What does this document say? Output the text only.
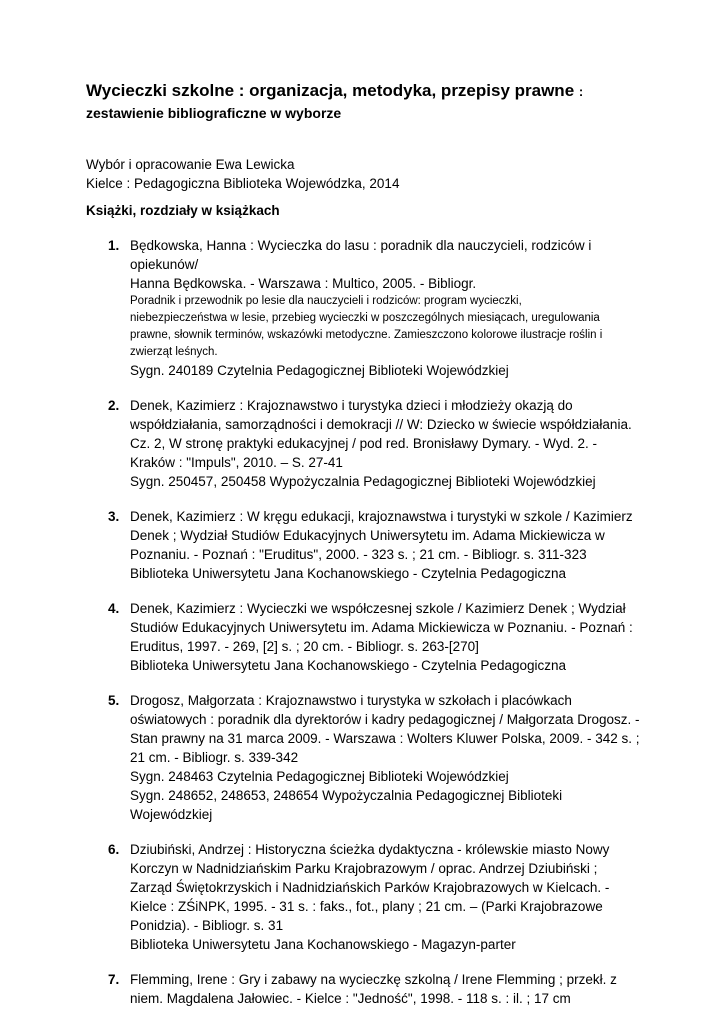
Wycieczki szkolne : organizacja, metodyka, przepisy prawne :
zestawienie bibliograficzne w wyborze
Wybór i opracowanie Ewa Lewicka
Kielce : Pedagogiczna Biblioteka Wojewódzka, 2014
Książki, rozdziały w książkach
1. Będkowska, Hanna : Wycieczka do lasu : poradnik dla nauczycieli, rodziców i
opiekunów/
Hanna Będkowska. - Warszawa : Multico, 2005. - Bibliogr.
Poradnik i przewodnik po lesie dla nauczycieli i rodziców: program wycieczki,
niebezpieczeństwa w lesie, przebieg wycieczki w poszczególnych miesiącach, uregulowania
prawne, słownik terminów, wskazówki metodyczne. Zamieszczono kolorowe ilustracje roślin i
zwierząt leśnych.
Sygn. 240189 Czytelnia Pedagogicznej Biblioteki Wojewódzkiej
2. Denek, Kazimierz : Krajoznawstwo i turystyka dzieci i młodzieży okazją do
współdziałania, samorządności i demokracji // W: Dziecko w świecie współdziałania.
Cz. 2, W stronę praktyki edukacyjnej / pod red. Bronisławy Dymary. - Wyd. 2. -
Kraków : "Impuls", 2010. – S. 27-41
Sygn. 250457, 250458 Wypożyczalnia Pedagogicznej Biblioteki Wojewódzkiej
3. Denek, Kazimierz : W kręgu edukacji, krajoznawstwa i turystyki w szkole / Kazimierz
Denek ; Wydział Studiów Edukacyjnych Uniwersytetu im. Adama Mickiewicza w
Poznaniu. - Poznań : "Eruditus", 2000. - 323 s. ; 21 cm. - Bibliogr. s. 311-323
Biblioteka Uniwersytetu Jana Kochanowskiego - Czytelnia Pedagogiczna
4. Denek, Kazimierz : Wycieczki we współczesnej szkole / Kazimierz Denek ; Wydział
Studiów Edukacyjnych Uniwersytetu im. Adama Mickiewicza w Poznaniu. - Poznań :
Eruditus, 1997. - 269, [2] s. ; 20 cm. - Bibliogr. s. 263-[270]
Biblioteka Uniwersytetu Jana Kochanowskiego - Czytelnia Pedagogiczna
5. Drogosz, Małgorzata : Krajoznawstwo i turystyka w szkołach i placówkach
oświatowych : poradnik dla dyrektorów i kadry pedagogicznej / Małgorzata Drogosz. -
Stan prawny na 31 marca 2009. - Warszawa : Wolters Kluwer Polska, 2009. - 342 s. ;
21 cm. - Bibliogr. s. 339-342
Sygn. 248463 Czytelnia Pedagogicznej Biblioteki Wojewódzkiej
Sygn. 248652, 248653, 248654 Wypożyczalnia Pedagogicznej Biblioteki
Wojewódzkiej
6. Dziubiński, Andrzej : Historyczna ścieżka dydaktyczna - królewskie miasto Nowy
Korczyn w Nadnidziańskim Parku Krajobrazowym / oprac. Andrzej Dziubiński ;
Zarząd Świętokrzyskich i Nadnidziańskich Parków Krajobrazowych w Kielcach. -
Kielce : ZŚiNPK, 1995. - 31 s. : faks., fot., plany ; 21 cm. – (Parki Krajobrazowe
Ponidzia). - Bibliogr. s. 31
Biblioteka Uniwersytetu Jana Kochanowskiego - Magazyn-parter
7. Flemming, Irene : Gry i zabawy na wycieczkę szkolną / Irene Flemming ; przekł. z
niem. Magdalena Jałowiec. - Kielce : "Jedność", 1998. - 118 s. : il. ; 17 cm
